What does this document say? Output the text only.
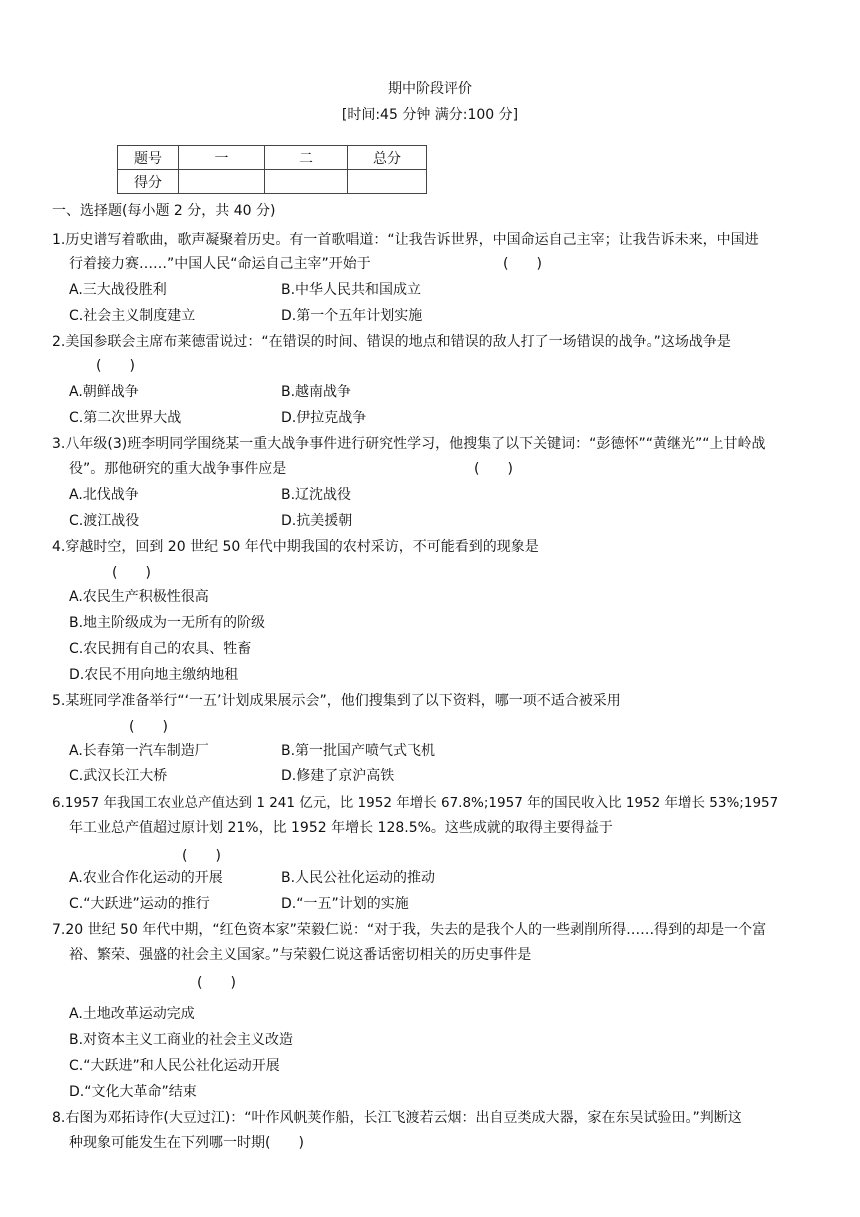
期中阶段评价
[时间:45 分钟 满分:100 分]
题号	一	二	总分
得分			
一、选择题(每小题 2 分，共 40 分)
1.历史谱写着歌曲，歌声凝聚着历史。有一首歌唱道：“让我告诉世界，中国命运自己主宰；让我告诉未来，中国进
行着接力赛……”中国人民“命运自己主宰”开始于	(　　)
A.三大战役胜利	B.中华人民共和国成立
C.社会主义制度建立	D.第一个五年计划实施
2.美国参联会主席布莱德雷说过：“在错误的时间、错误的地点和错误的敌人打了一场错误的战争。”这场战争是
(　　)
A.朝鲜战争	B.越南战争
C.第二次世界大战	D.伊拉克战争
3.八年级(3)班李明同学围绕某一重大战争事件进行研究性学习，他搜集了以下关键词：“彭德怀”“黄继光”“上甘岭战
役”。那他研究的重大战争事件应是	(　　)
A.北伐战争	B.辽沈战役
C.渡江战役	D.抗美援朝
4.穿越时空，回到 20 世纪 50 年代中期我国的农村采访，不可能看到的现象是
(　　)
A.农民生产积极性很高
B.地主阶级成为一无所有的阶级
C.农民拥有自己的农具、牲畜
D.农民不用向地主缴纳地租
5.某班同学准备举行“‘一五’计划成果展示会”，他们搜集到了以下资料，哪一项不适合被采用
(　　)
A.长春第一汽车制造厂	B.第一批国产喷气式飞机
C.武汉长江大桥	D.修建了京沪高铁
6.1957 年我国工农业总产值达到 1 241 亿元，比 1952 年增长 67.8%;1957 年的国民收入比 1952 年增长 53%;1957
年工业总产值超过原计划 21%，比 1952 年增长 128.5%。这些成就的取得主要得益于
(　　)
A.农业合作化运动的开展	B.人民公社化运动的推动
C.“大跃进”运动的推行	D.“一五”计划的实施
7.20 世纪 50 年代中期，“红色资本家”荣毅仁说：“对于我，失去的是我个人的一些剥削所得……得到的却是一个富
裕、繁荣、强盛的社会主义国家。”与荣毅仁说这番话密切相关的历史事件是
(　　)
A.土地改革运动完成
B.对资本主义工商业的社会主义改造
C.“大跃进”和人民公社化运动开展
D.“文化大革命”结束
8.右图为邓拓诗作(大豆过江)：“叶作风帆荚作船，长江飞渡若云烟：出自豆类成大器，家在东吴试验田。”判断这
种现象可能发生在下列哪一时期(　　)
